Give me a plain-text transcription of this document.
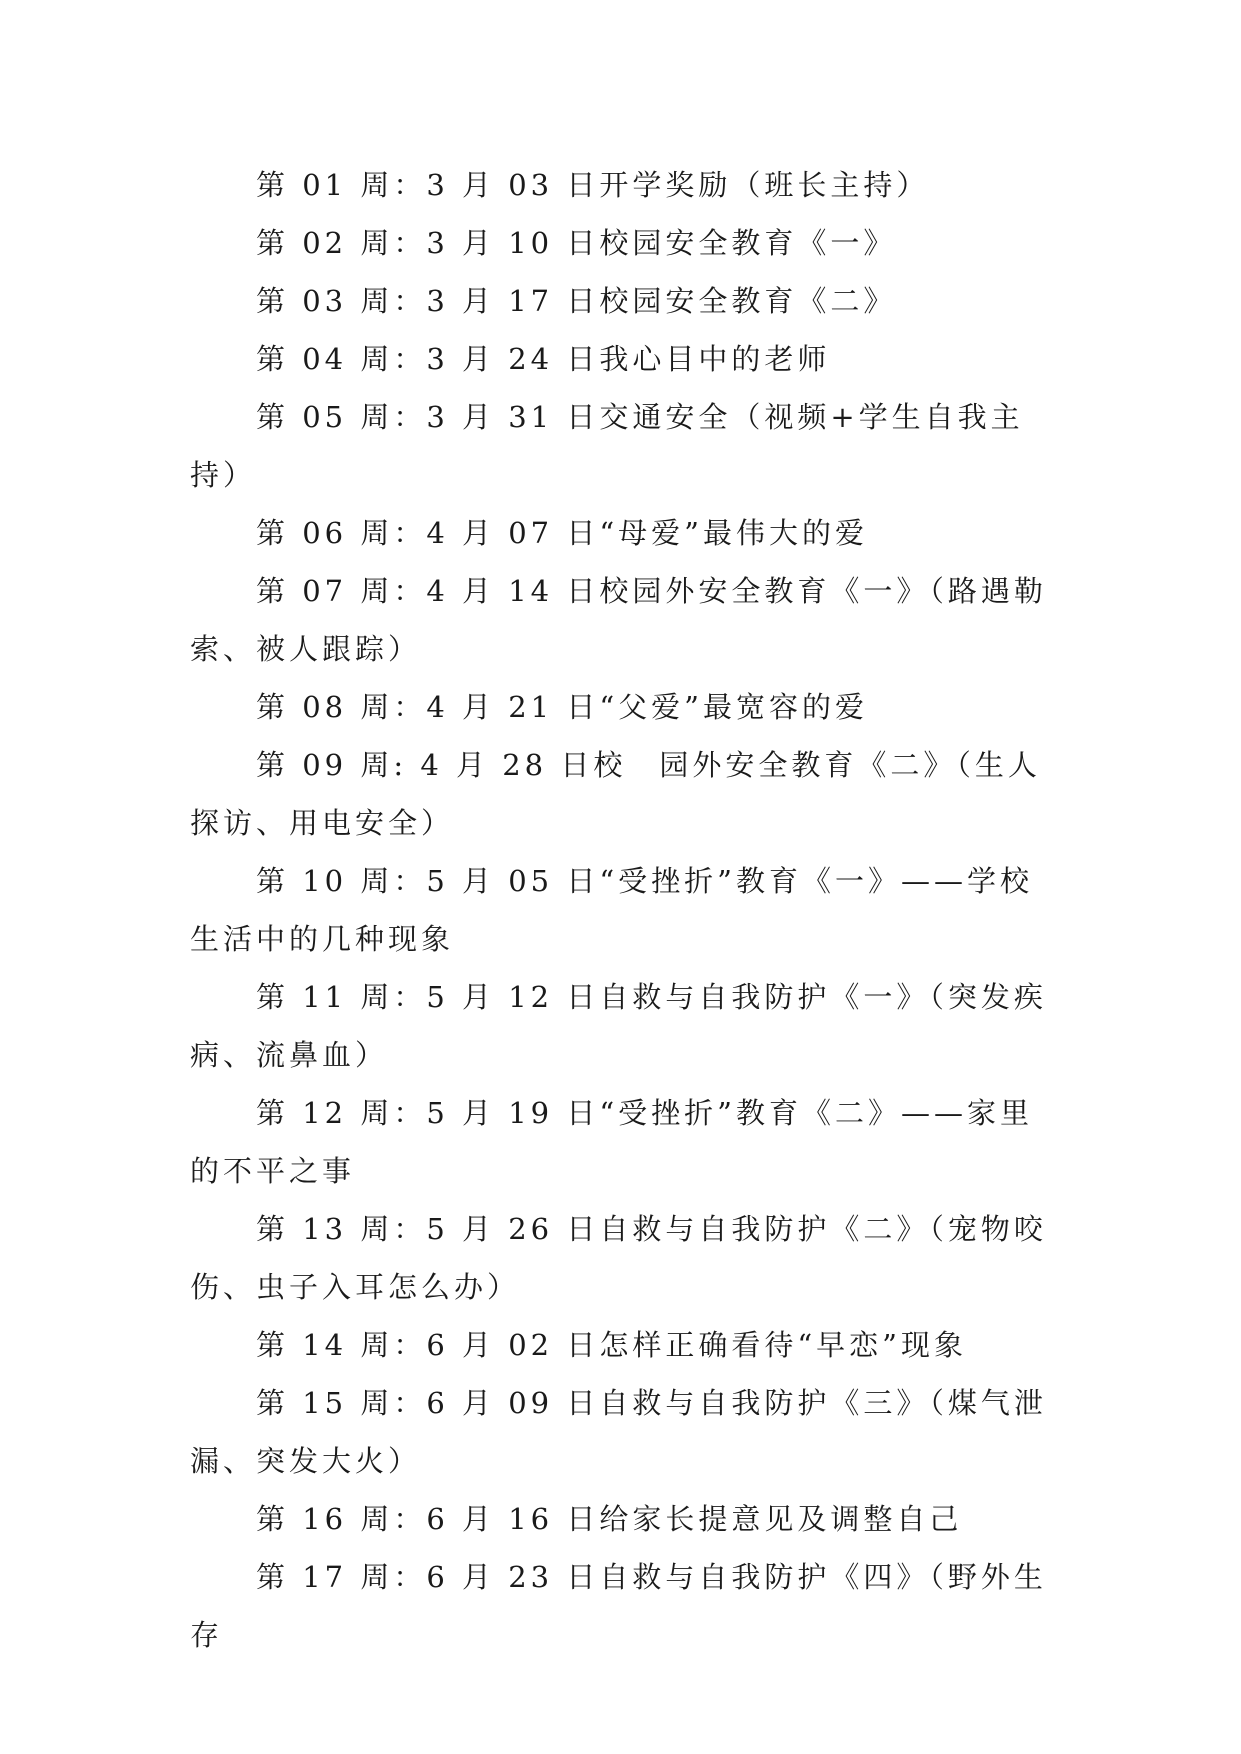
第 01 周：3 月 03 日开学奖励（班长主持）

第 02 周：3 月 10 日校园安全教育《一》

第 03 周：3 月 17 日校园安全教育《二》

第 04 周：3 月 24 日我心目中的老师

第 05 周：3 月 31 日交通安全（视频+学生自我主持）

第 06 周：4 月 07 日“母爱”最伟大的爱

第 07 周：4 月 14 日校园外安全教育《一》（路遇勒索、被人跟踪）

第 08 周：4 月 21 日“父爱”最宽容的爱

第 09 周: 4 月 28 日校　园外安全教育《二》（生人探访、用电安全）

第 10 周：5 月 05 日“受挫折”教育《一》——学校生活中的几种现象

第 11 周：5 月 12 日自救与自我防护《一》（突发疾病、流鼻血）

第 12 周：5 月 19 日“受挫折”教育《二》——家里的不平之事

第 13 周：5 月 26 日自救与自我防护《二》（宠物咬伤、虫子入耳怎么办）

第 14 周：6 月 02 日怎样正确看待“早恋”现象

第 15 周：6 月 09 日自救与自我防护《三》（煤气泄漏、突发大火）

第 16 周：6 月 16 日给家长提意见及调整自己

第 17 周：6 月 23 日自救与自我防护《四》（野外生存
